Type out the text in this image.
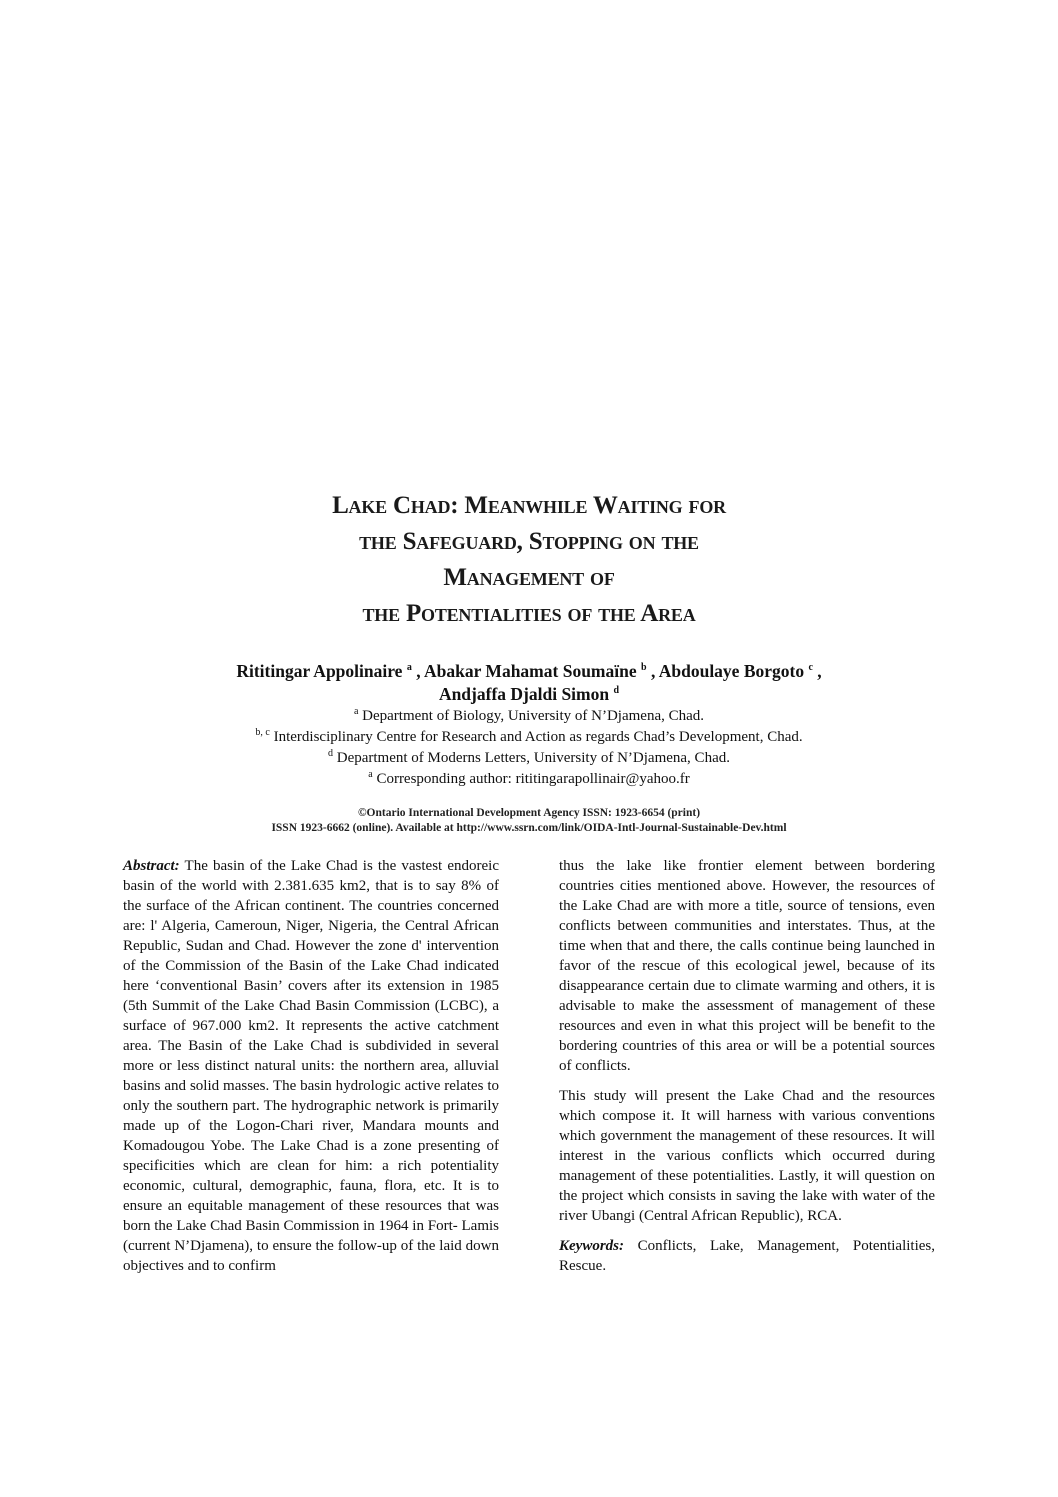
Lake Chad: Meanwhile Waiting for
the Safeguard, Stopping on the
Management of
the Potentialities of the Area
Rititingar Appolinaire $^a$ , Abakar Mahamat Soumaïne $^b$ , Abdoulaye Borgoto $^c$ ,
Andjaffa Djaldi Simon $^d$
$^a$ Department of Biology, University of N’Djamena, Chad.
$^{b, c}$ Interdisciplinary Centre for Research and Action as regards Chad’s Development, Chad.
$^d$ Department of Moderns Letters, University of N’Djamena, Chad.
$^a$ Corresponding author: rititingarapollinair@yahoo.fr
©Ontario International Development Agency ISSN: 1923-6654 (print)
ISSN 1923-6662 (online). Available at http://www.ssrn.com/link/OIDA-Intl-Journal-Sustainable-Dev.html

Abstract: The basin of the Lake Chad is the vastest endoreic basin of the world with 2.381.635 km2, that is to say 8% of the surface of the African continent. The countries concerned are: l' Algeria, Cameroun, Niger, Nigeria, the Central African Republic, Sudan and Chad. However the zone d' intervention of the Commission of the Basin of the Lake Chad indicated here ‘conventional Basin’ covers after its extension in 1985 (5th Summit of the Lake Chad Basin Commission (LCBC), a surface of 967.000 km2. It represents the active catchment area. The Basin of the Lake Chad is subdivided in several more or less distinct natural units: the northern area, alluvial basins and solid masses. The basin hydrologic active relates to only the southern part. The hydrographic network is primarily made up of the Logon-Chari river, Mandara mounts and Komadougou Yobe. The Lake Chad is a zone presenting of specificities which are clean for him: a rich potentiality economic, cultural, demographic, fauna, flora, etc. It is to ensure an equitable management of these resources that was born the Lake Chad Basin Commission in 1964 in Fort- Lamis (current N’Djamena), to ensure the follow-up of the laid down objectives and to confirm

thus the lake like frontier element between bordering countries cities mentioned above. However, the resources of the Lake Chad are with more a title, source of tensions, even conflicts between communities and interstates. Thus, at the time when that and there, the calls continue being launched in favor of the rescue of this ecological jewel, because of its disappearance certain due to climate warming and others, it is advisable to make the assessment of management of these resources and even in what this project will be benefit to the bordering countries of this area or will be a potential sources of conflicts.

This study will present the Lake Chad and the resources which compose it. It will harness with various conventions which government the management of these resources. It will interest in the various conflicts which occurred during management of these potentialities. Lastly, it will question on the project which consists in saving the lake with water of the river Ubangi (Central African Republic), RCA.

Keywords: Conflicts, Lake, Management, Potentialities, Rescue.
